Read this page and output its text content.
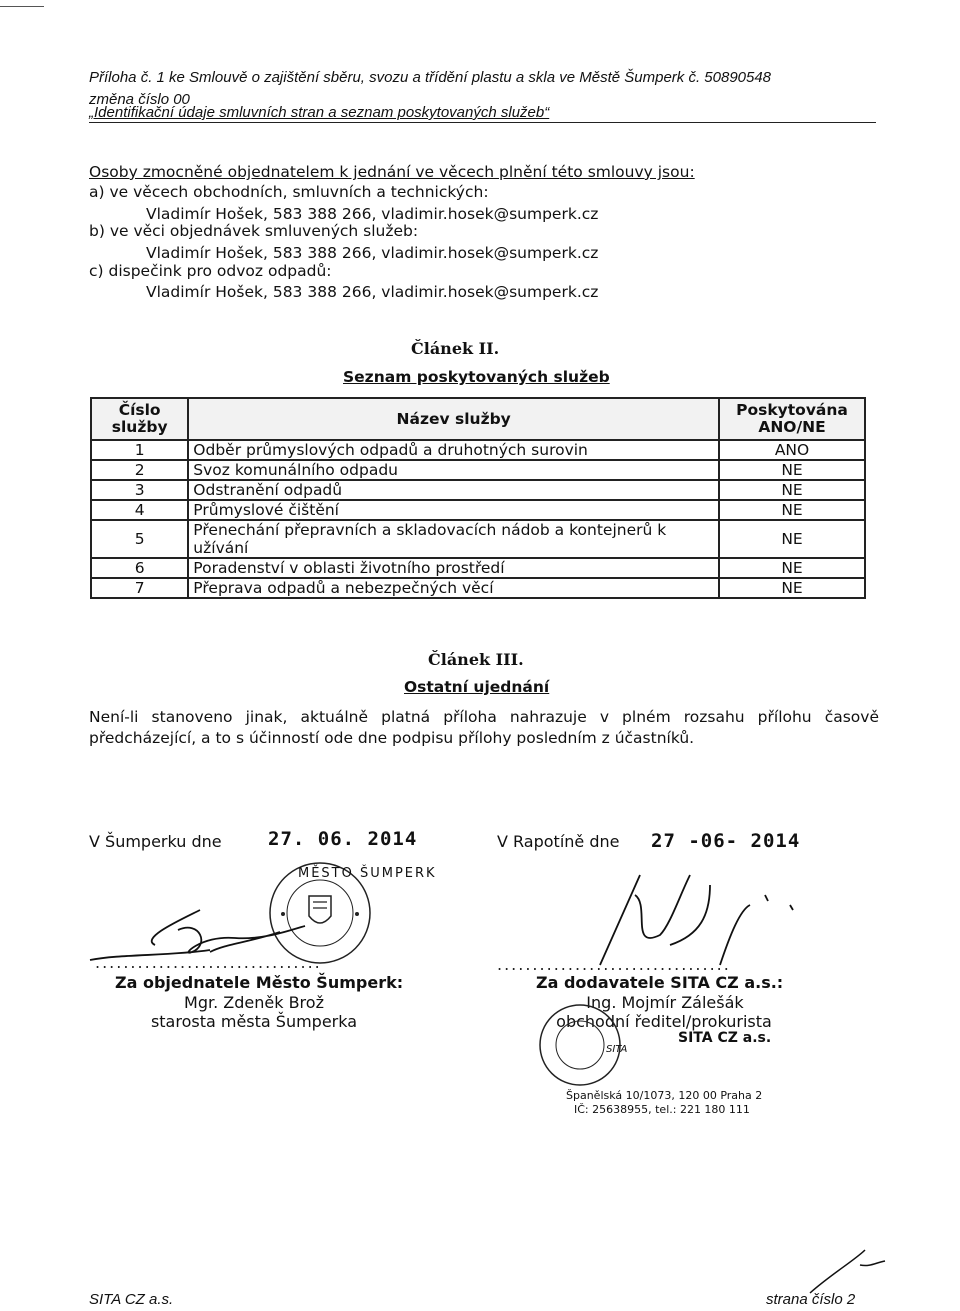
Příloha č. 1 ke Smlouvě o zajištění sběru, svozu a třídění plastu a skla ve Městě Šumperk č. 50890548
změna číslo 00
„Identifikační údaje smluvních stran a seznam poskytovaných služeb“
Osoby zmocněné objednatelem k jednání ve věcech plnění této smlouvy jsou:
a) ve věcech obchodních, smluvních a technických:
Vladimír Hošek, 583 388 266, vladimir.hosek@sumperk.cz
b) ve věci objednávek smluvených služeb:
Vladimír Hošek, 583 388 266, vladimir.hosek@sumperk.cz
c) dispečink pro odvoz odpadů:
Vladimír Hošek, 583 388 266, vladimir.hosek@sumperk.cz
Článek II.
Seznam poskytovaných služeb
Číslo služby	Název služby	Poskytována ANO/NE
1	Odběr průmyslových odpadů a druhotných surovin	ANO
2	Svoz komunálního odpadu	NE
3	Odstranění odpadů	NE
4	Průmyslové čištění	NE
5	Přenechání přepravních a skladovacích nádob a kontejnerů k užívání	NE
6	Poradenství v oblasti životního prostředí	NE
7	Přeprava odpadů a nebezpečných věcí	NE
Článek III.
Ostatní ujednání
Není-li stanoveno jinak, aktuálně platná příloha nahrazuje v plném rozsahu přílohu časově předcházející, a to s účinností ode dne podpisu přílohy posledním z účastníků.
V Šumperku dne 27. 06. 2014
MĚSTO ŠUMPERK
................................
Za objednatele Město Šumperk:
Mgr. Zdeněk Brož
starosta města Šumperka
V Rapotíně dne 27 -06- 2014
.................................
Za dodavatele SITA CZ a.s.:
Ing. Mojmír Zálešák
obchodní ředitel/prokurista
SITA CZ a.s.
SITA
Španělská 10/1073, 120 00 Praha 2
IČ: 25638955, tel.: 221 180 111
SITA CZ a.s.	strana číslo 2
